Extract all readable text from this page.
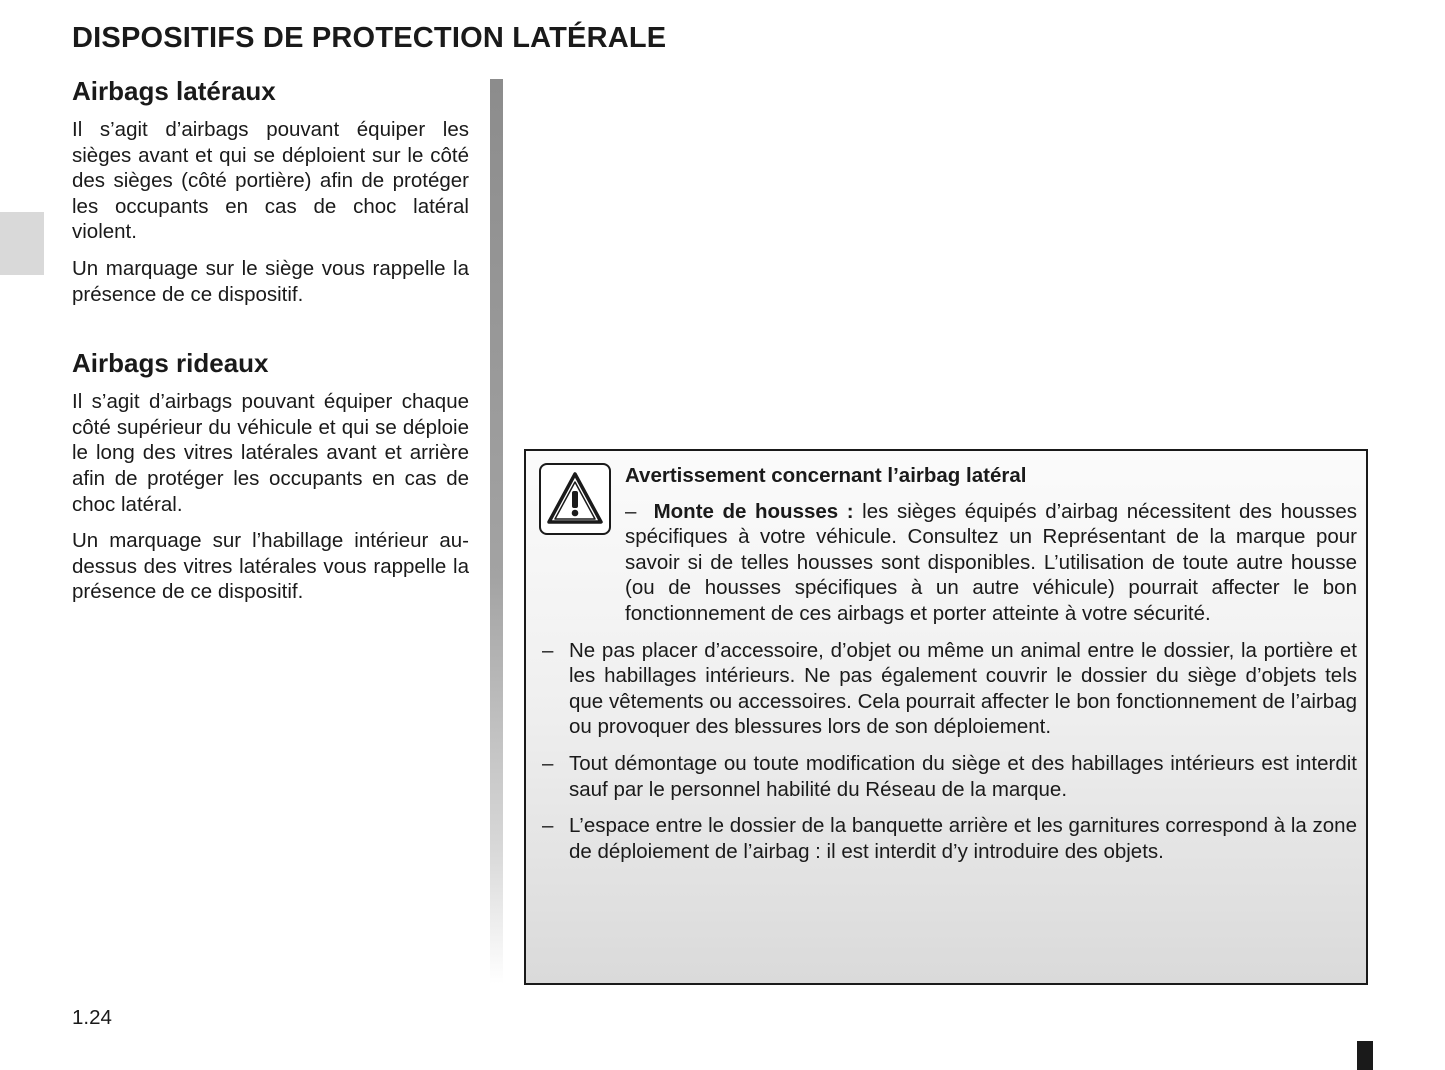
DISPOSITIFS DE PROTECTION LATÉRALE
Airbags latéraux

Il s’agit d’airbags pouvant équiper les sièges avant et qui se déploient sur le côté des sièges (côté portière) afin de protéger les occupants en cas de choc latéral violent.

Un marquage sur le siège vous rappelle la présence de ce dispositif.

Airbags rideaux

Il s’agit d’airbags pouvant équiper chaque côté supérieur du véhicule et qui se déploie le long des vitres latérales avant et arrière afin de protéger les occupants en cas de choc latéral.

Un marquage sur l’habillage intérieur au-dessus des vitres latérales vous rappelle la présence de ce dispositif.

Avertissement concernant l’airbag latéral
– Monte de housses : les sièges équipés d’airbag nécessitent des housses spécifiques à votre véhicule. Consultez un Représentant de la marque pour savoir si de telles housses sont disponibles. L’utilisation de toute autre housse (ou de housses spécifiques à un autre véhicule) pourrait affecter le bon fonctionnement de ces airbags et porter atteinte à votre sécurité.
– Ne pas placer d’accessoire, d’objet ou même un animal entre le dossier, la portière et les habillages intérieurs. Ne pas également couvrir le dossier du siège d’objets tels que vêtements ou accessoires. Cela pourrait affecter le bon fonctionnement de l’airbag ou provoquer des blessures lors de son déploiement.
– Tout démontage ou toute modification du siège et des habillages intérieurs est interdit sauf par le personnel habilité du Réseau de la marque.
– L’espace entre le dossier de la banquette arrière et les garnitures correspond à la zone de déploiement de l’airbag : il est interdit d’y introduire des objets.
1.24
